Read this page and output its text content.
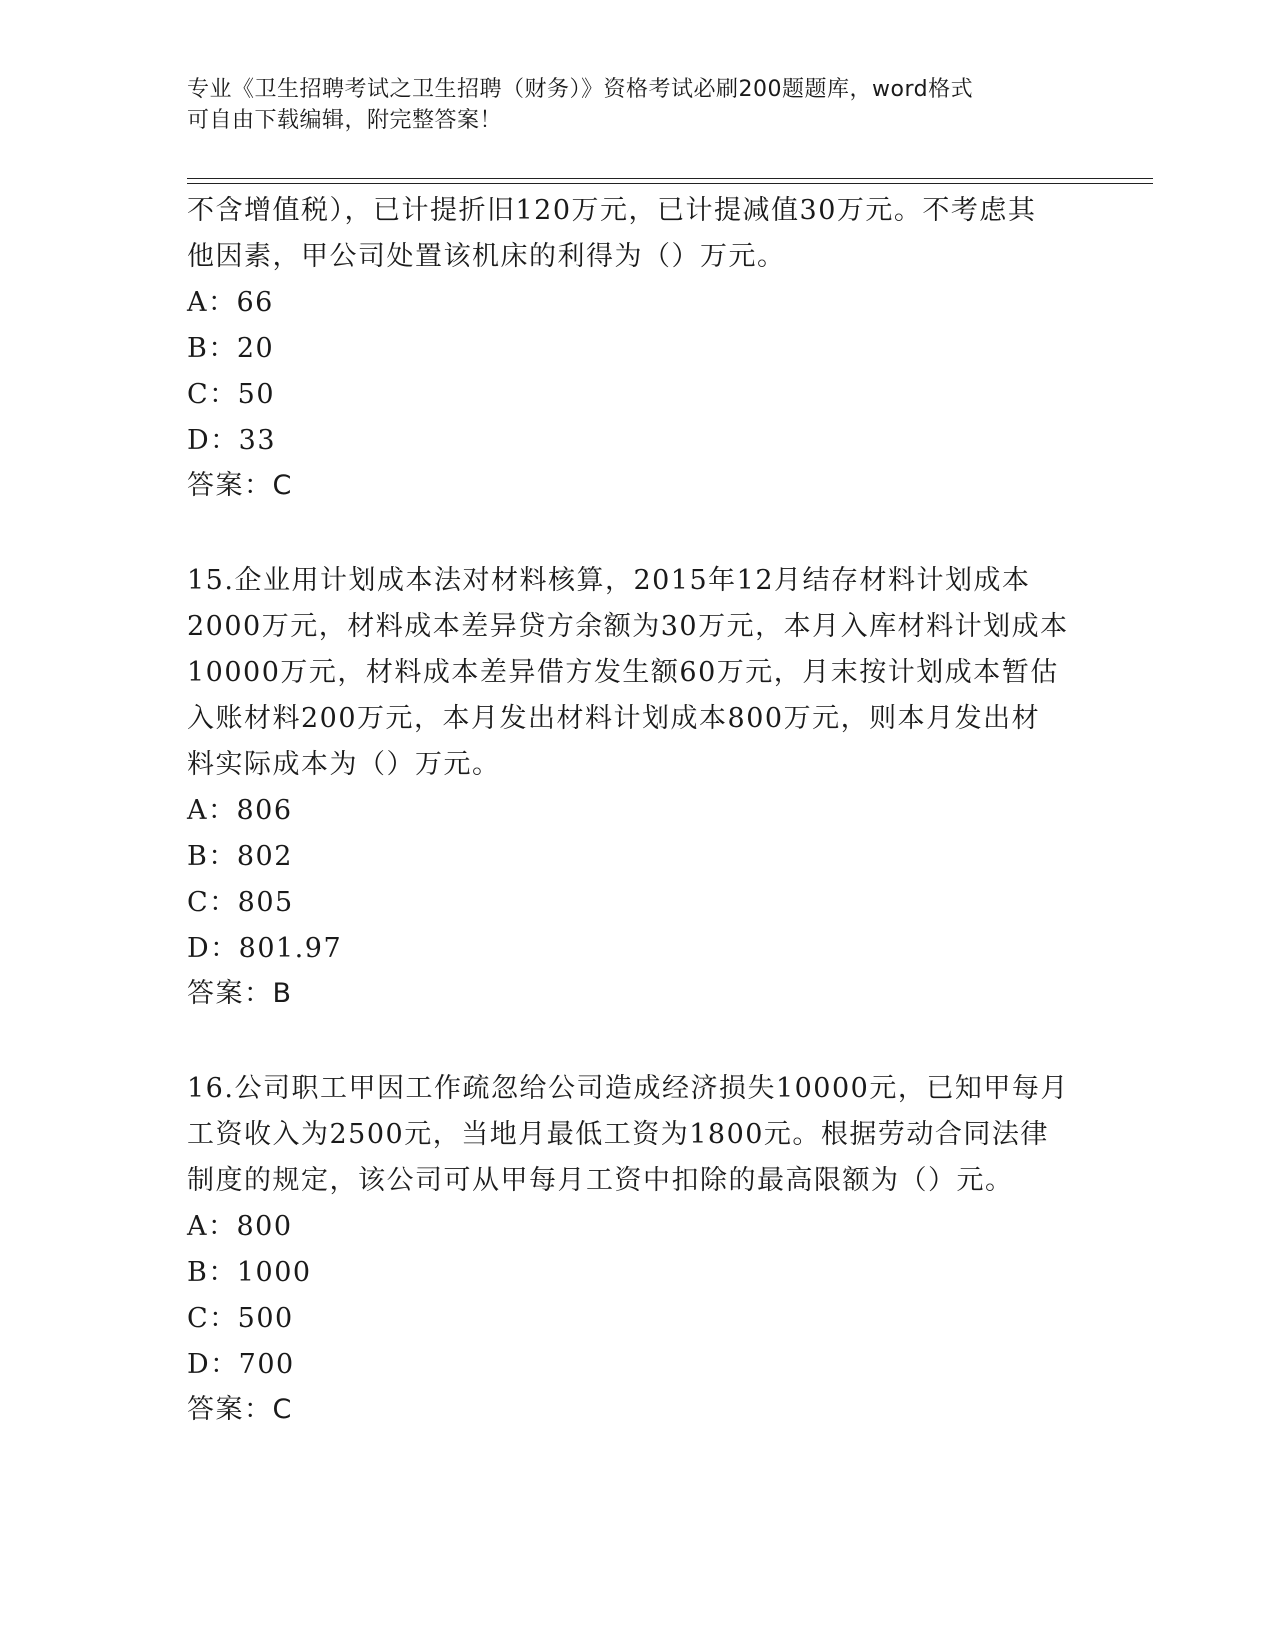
专业《卫生招聘考试之卫生招聘（财务）》资格考试必刷200题题库，word格式
可自由下载编辑，附完整答案！
不含增值税），已计提折旧120万元，已计提减值30万元。不考虑其
他因素，甲公司处置该机床的利得为（）万元。
A：66
B：20
C：50
D：33
答案：C
15.企业用计划成本法对材料核算，2015年12月结存材料计划成本
2000万元，材料成本差异贷方余额为30万元，本月入库材料计划成本
10000万元，材料成本差异借方发生额60万元，月末按计划成本暂估
入账材料200万元，本月发出材料计划成本800万元，则本月发出材
料实际成本为（）万元。
A：806
B：802
C：805
D：801.97
答案：B
16.公司职工甲因工作疏忽给公司造成经济损失10000元，已知甲每月
工资收入为2500元，当地月最低工资为1800元。根据劳动合同法律
制度的规定，该公司可从甲每月工资中扣除的最高限额为（）元。
A：800
B：1000
C：500
D：700
答案：C
